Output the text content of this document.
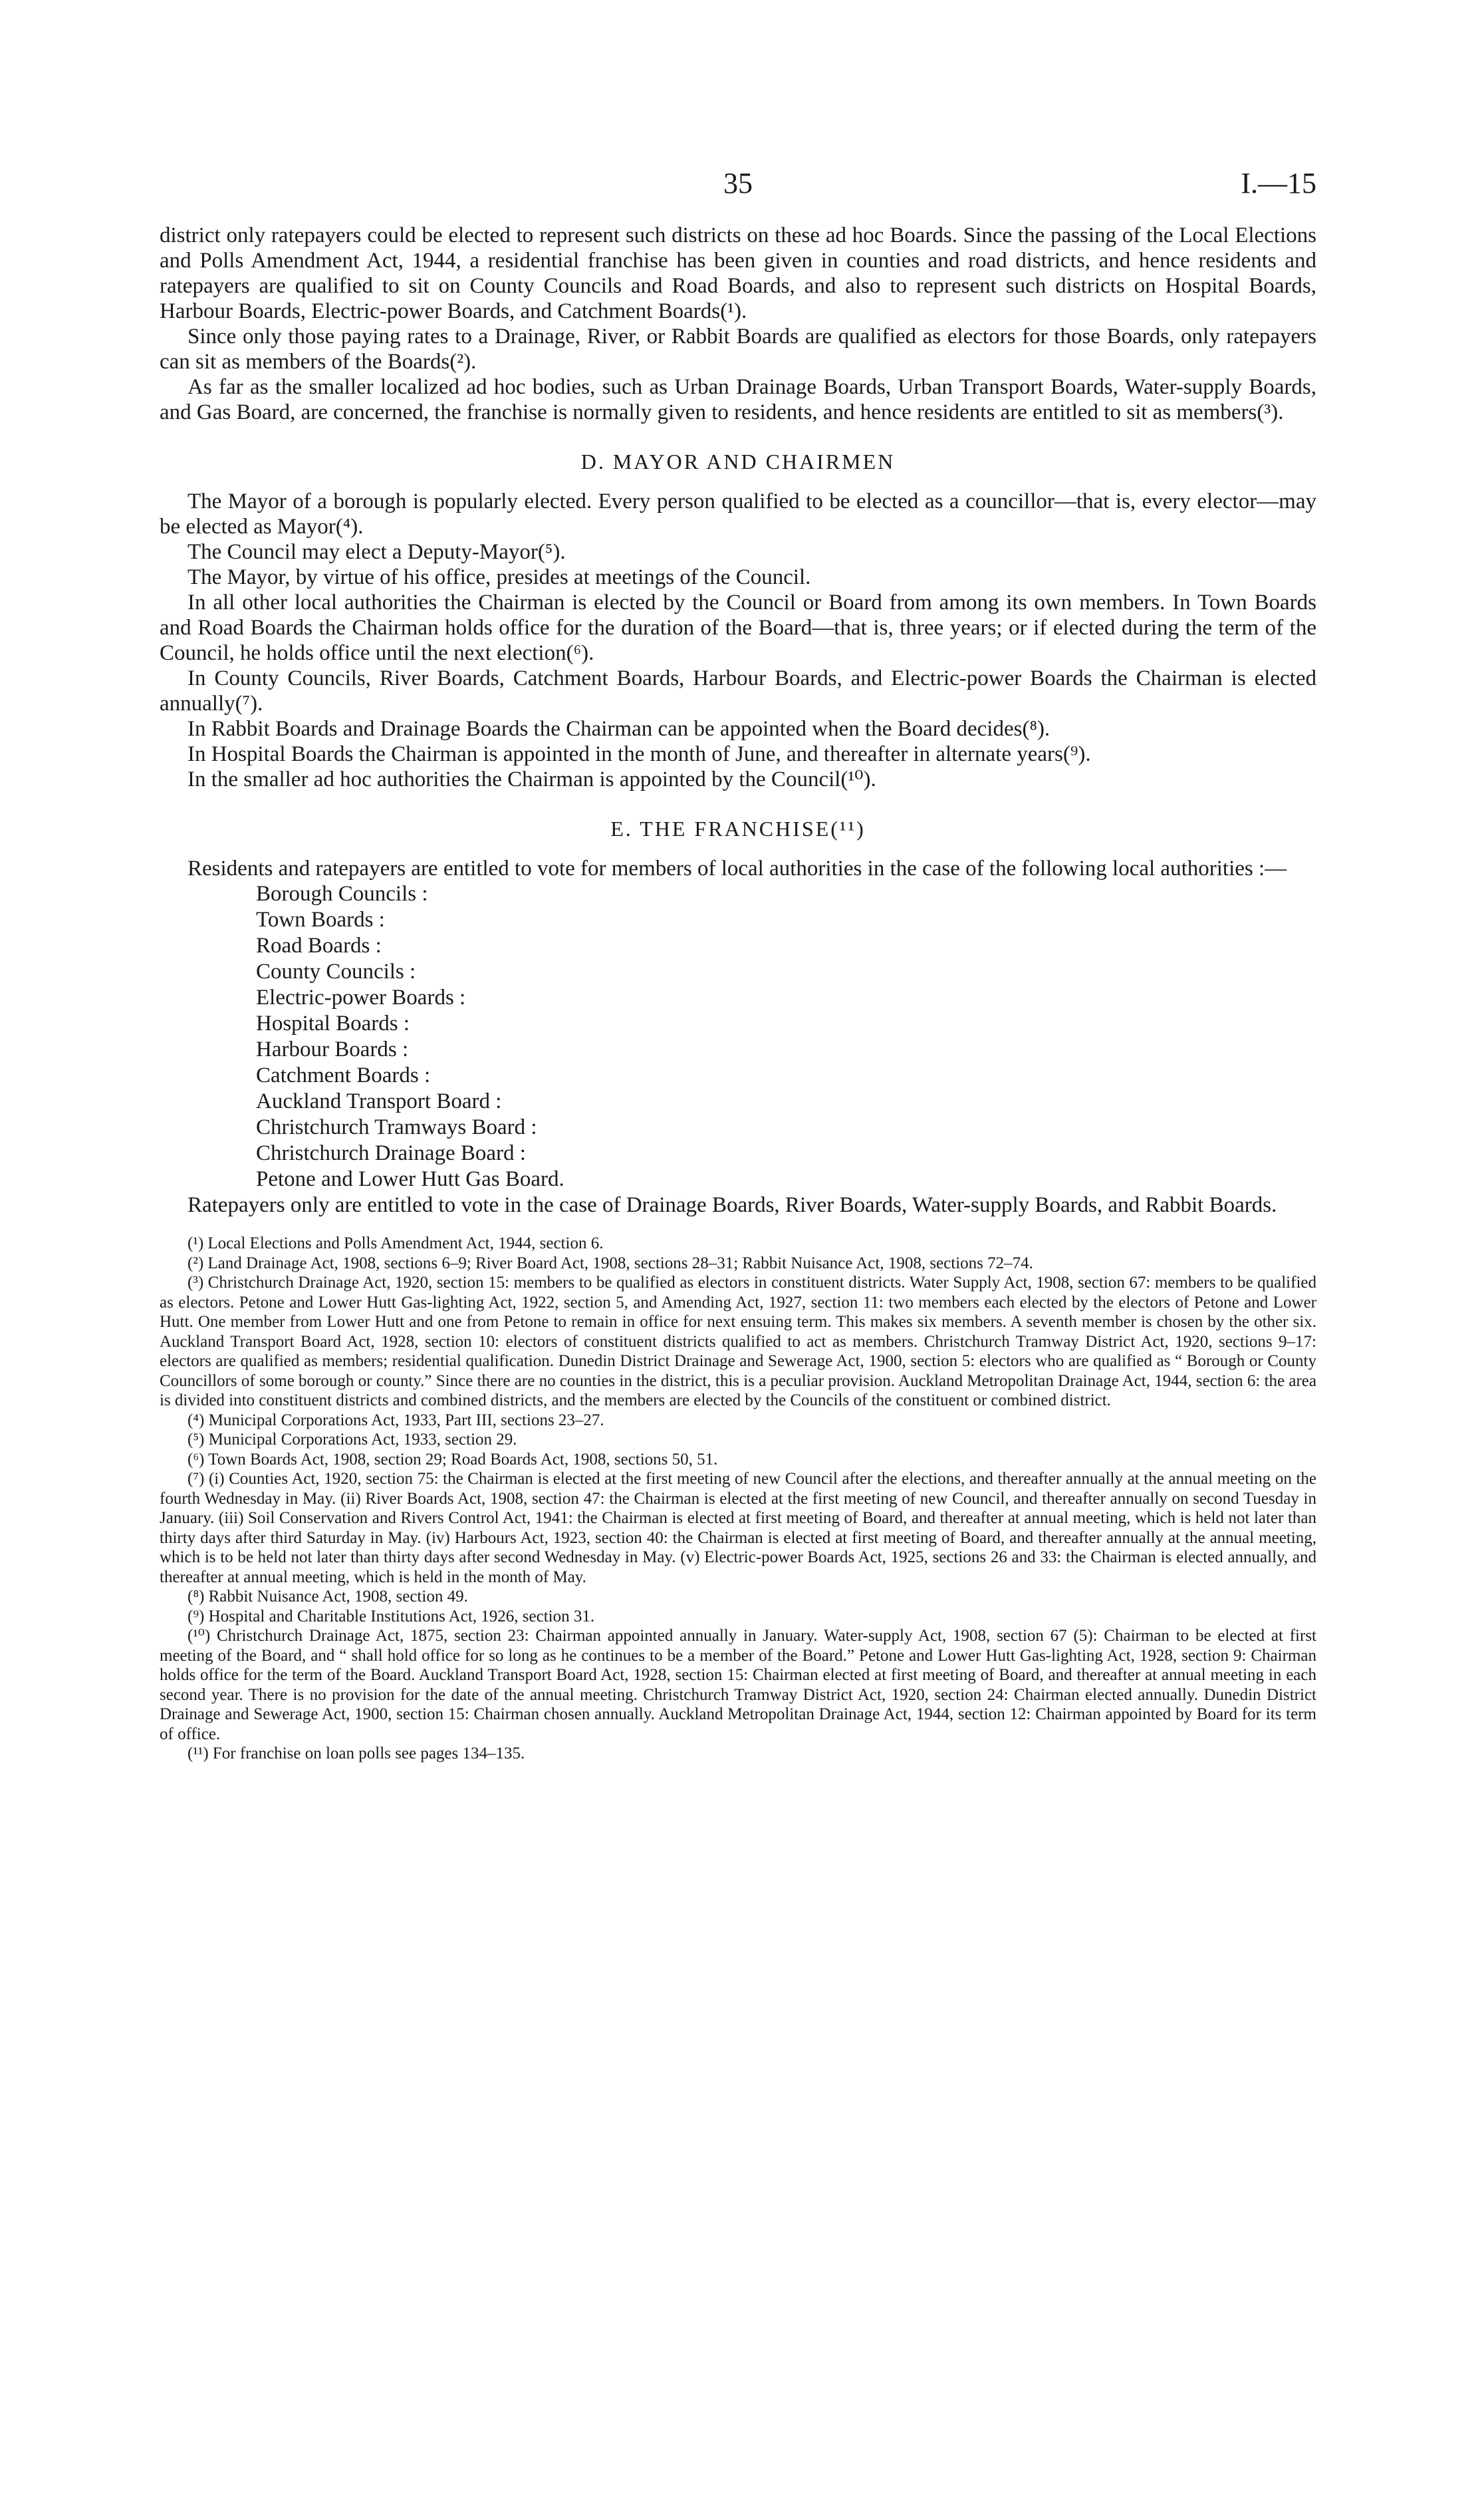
35	I.—15

district only ratepayers could be elected to represent such districts on these ad hoc Boards. Since the passing of the Local Elections and Polls Amendment Act, 1944, a residential franchise has been given in counties and road districts, and hence residents and ratepayers are qualified to sit on County Councils and Road Boards, and also to represent such districts on Hospital Boards, Harbour Boards, Electric-power Boards, and Catchment Boards(¹).

Since only those paying rates to a Drainage, River, or Rabbit Boards are qualified as electors for those Boards, only ratepayers can sit as members of the Boards(²).

As far as the smaller localized ad hoc bodies, such as Urban Drainage Boards, Urban Transport Boards, Water-supply Boards, and Gas Board, are concerned, the franchise is normally given to residents, and hence residents are entitled to sit as members(³).

D. MAYOR AND CHAIRMEN

The Mayor of a borough is popularly elected. Every person qualified to be elected as a councillor—that is, every elector—may be elected as Mayor(⁴).

The Council may elect a Deputy-Mayor(⁵).

The Mayor, by virtue of his office, presides at meetings of the Council.

In all other local authorities the Chairman is elected by the Council or Board from among its own members. In Town Boards and Road Boards the Chairman holds office for the duration of the Board—that is, three years; or if elected during the term of the Council, he holds office until the next election(⁶).

In County Councils, River Boards, Catchment Boards, Harbour Boards, and Electric-power Boards the Chairman is elected annually(⁷).

In Rabbit Boards and Drainage Boards the Chairman can be appointed when the Board decides(⁸).

In Hospital Boards the Chairman is appointed in the month of June, and thereafter in alternate years(⁹).

In the smaller ad hoc authorities the Chairman is appointed by the Council(¹⁰).

E. THE FRANCHISE(¹¹)

Residents and ratepayers are entitled to vote for members of local authorities in the case of the following local authorities :—

Borough Councils :
Town Boards :
Road Boards :
County Councils :
Electric-power Boards :
Hospital Boards :
Harbour Boards :
Catchment Boards :
Auckland Transport Board :
Christchurch Tramways Board :
Christchurch Drainage Board :
Petone and Lower Hutt Gas Board.

Ratepayers only are entitled to vote in the case of Drainage Boards, River Boards, Water-supply Boards, and Rabbit Boards.

(¹) Local Elections and Polls Amendment Act, 1944, section 6.

(²) Land Drainage Act, 1908, sections 6–9; River Board Act, 1908, sections 28–31; Rabbit Nuisance Act, 1908, sections 72–74.

(³) Christchurch Drainage Act, 1920, section 15: members to be qualified as electors in constituent districts. Water Supply Act, 1908, section 67: members to be qualified as electors. Petone and Lower Hutt Gas-lighting Act, 1922, section 5, and Amending Act, 1927, section 11: two members each elected by the electors of Petone and Lower Hutt. One member from Lower Hutt and one from Petone to remain in office for next ensuing term. This makes six members. A seventh member is chosen by the other six. Auckland Transport Board Act, 1928, section 10: electors of constituent districts qualified to act as members. Christchurch Tramway District Act, 1920, sections 9–17: electors are qualified as members; residential qualification. Dunedin District Drainage and Sewerage Act, 1900, section 5: electors who are qualified as “ Borough or County Councillors of some borough or county.” Since there are no counties in the district, this is a peculiar provision. Auckland Metropolitan Drainage Act, 1944, section 6: the area is divided into constituent districts and combined districts, and the members are elected by the Councils of the constituent or combined district.

(⁴) Municipal Corporations Act, 1933, Part III, sections 23–27.

(⁵) Municipal Corporations Act, 1933, section 29.

(⁶) Town Boards Act, 1908, section 29; Road Boards Act, 1908, sections 50, 51.

(⁷) (i) Counties Act, 1920, section 75: the Chairman is elected at the first meeting of new Council after the elections, and thereafter annually at the annual meeting on the fourth Wednesday in May. (ii) River Boards Act, 1908, section 47: the Chairman is elected at the first meeting of new Council, and thereafter annually on second Tuesday in January. (iii) Soil Conservation and Rivers Control Act, 1941: the Chairman is elected at first meeting of Board, and thereafter at annual meeting, which is held not later than thirty days after third Saturday in May. (iv) Harbours Act, 1923, section 40: the Chairman is elected at first meeting of Board, and thereafter annually at the annual meeting, which is to be held not later than thirty days after second Wednesday in May. (v) Electric-power Boards Act, 1925, sections 26 and 33: the Chairman is elected annually, and thereafter at annual meeting, which is held in the month of May.

(⁸) Rabbit Nuisance Act, 1908, section 49.

(⁹) Hospital and Charitable Institutions Act, 1926, section 31.

(¹⁰) Christchurch Drainage Act, 1875, section 23: Chairman appointed annually in January. Water-supply Act, 1908, section 67 (5): Chairman to be elected at first meeting of the Board, and “ shall hold office for so long as he continues to be a member of the Board.” Petone and Lower Hutt Gas-lighting Act, 1928, section 9: Chairman holds office for the term of the Board. Auckland Transport Board Act, 1928, section 15: Chairman elected at first meeting of Board, and thereafter at annual meeting in each second year. There is no provision for the date of the annual meeting. Christchurch Tramway District Act, 1920, section 24: Chairman elected annually. Dunedin District Drainage and Sewerage Act, 1900, section 15: Chairman chosen annually. Auckland Metropolitan Drainage Act, 1944, section 12: Chairman appointed by Board for its term of office.

(¹¹) For franchise on loan polls see pages 134–135.
